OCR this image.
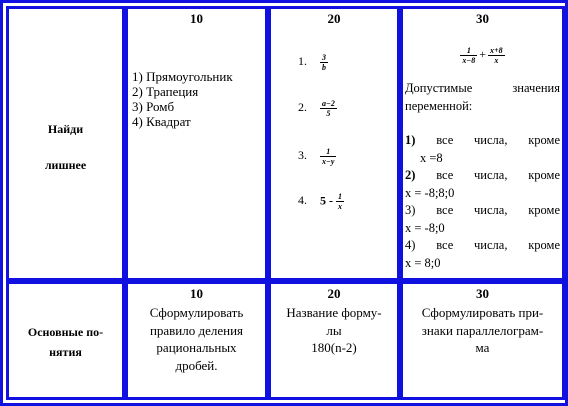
Найди
лишнее
10
1) Прямоугольник
2) Трапеция
3) Ромб
4) Квадрат
20
1. $\frac{3}{b}$
2. $\frac{a-2}{5}$
3. $\frac{1}{x-y}$
4. $5 - \frac{1}{x}$
30
$\frac{1}{x-8} + \frac{x+8}{x}$

Допустимые значения

переменной:

1) все числа, кроме

x =8

2) все числа, кроме

x = -8;8;0

3) все числа, кроме

x = -8;0

4) все числа, кроме

x = 8;0

Основные по-
нятия
10
Сформулировать
правило деления
рациональных
дробей.
20
Название форму-
лы
180(n-2)
30
Сформулировать при-
знаки параллелограм-
ма
